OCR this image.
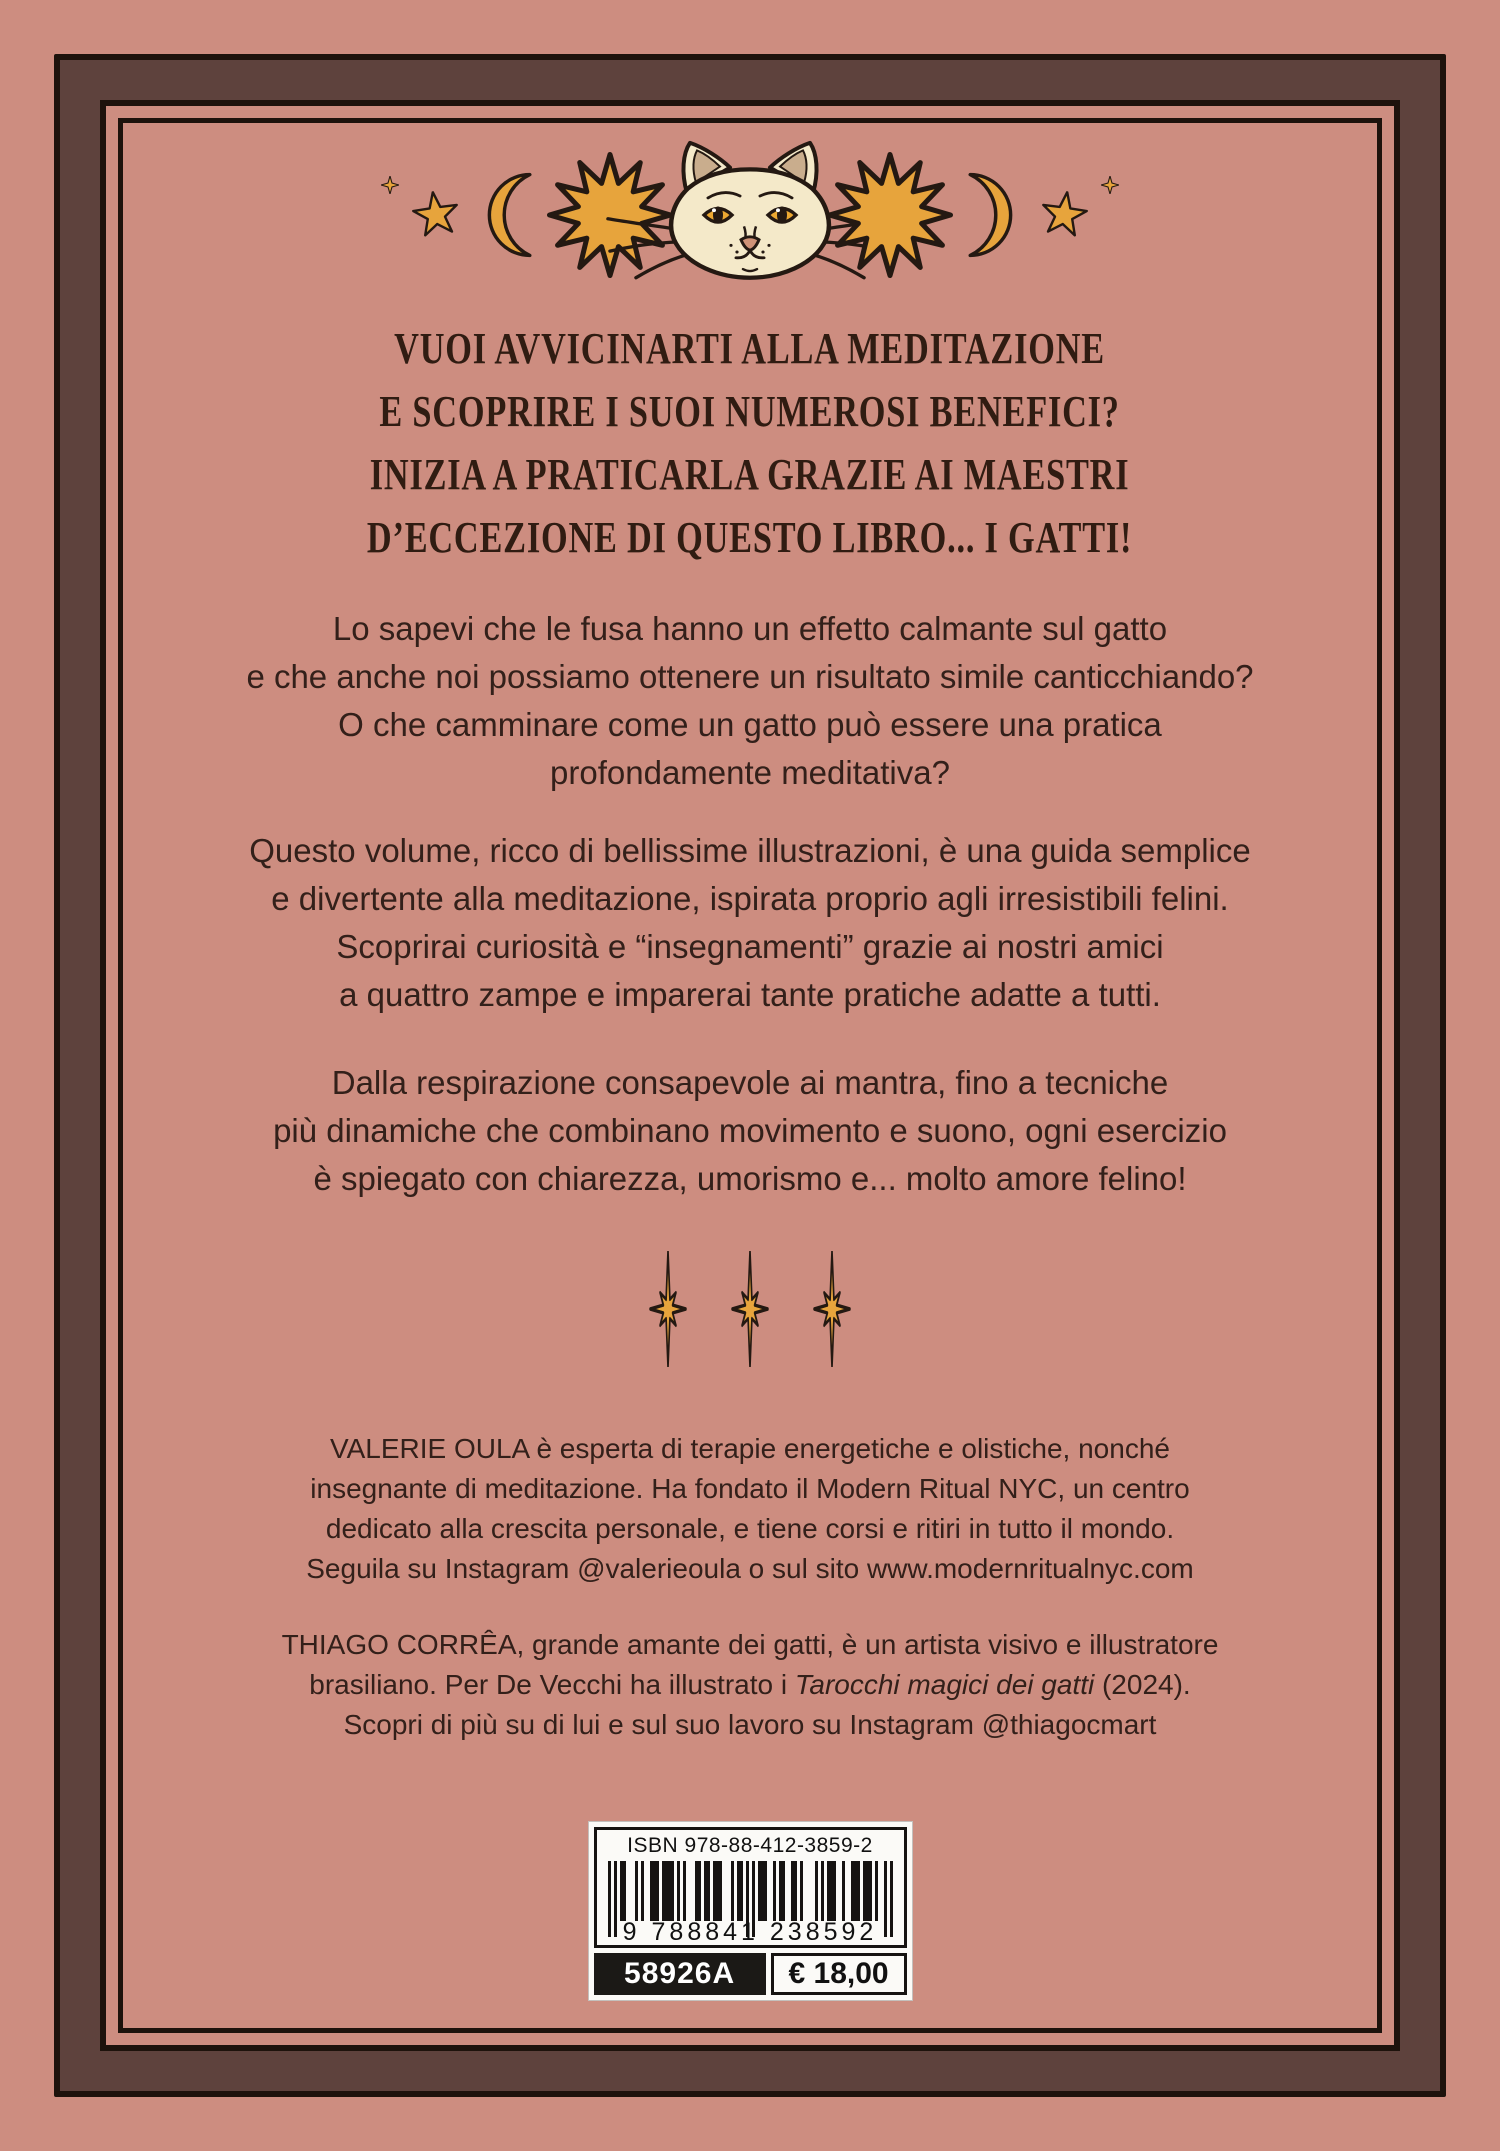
VUOI AVVICINARTI ALLA MEDITAZIONE
E SCOPRIRE I SUOI NUMEROSI BENEFICI?
INIZIA A PRATICARLA GRAZIE AI MAESTRI
D’ECCEZIONE DI QUESTO LIBRO... I GATTI!
Lo sapevi che le fusa hanno un effetto calmante sul gatto
e che anche noi possiamo ottenere un risultato simile canticchiando?
O che camminare come un gatto può essere una pratica
profondamente meditativa?
Questo volume, ricco di bellissime illustrazioni, è una guida semplice
e divertente alla meditazione, ispirata proprio agli irresistibili felini.
Scoprirai curiosità e “insegnamenti” grazie ai nostri amici
a quattro zampe e imparerai tante pratiche adatte a tutti.
Dalla respirazione consapevole ai mantra, fino a tecniche
più dinamiche che combinano movimento e suono, ogni esercizio
è spiegato con chiarezza, umorismo e... molto amore felino!
VALERIE OULA è esperta di terapie energetiche e olistiche, nonché
insegnante di meditazione. Ha fondato il Modern Ritual NYC, un centro
dedicato alla crescita personale, e tiene corsi e ritiri in tutto il mondo.
Seguila su Instagram @valerieoula o sul sito www.modernritualnyc.com
THIAGO CORRÊA, grande amante dei gatti, è un artista visivo e illustratore
brasiliano. Per De Vecchi ha illustrato i Tarocchi magici dei gatti (2024).
Scopri di più su di lui e sul suo lavoro su Instagram @thiagocmart
ISBN 978-88-412-3859-2
9 788841 238592
58926A	€ 18,00
